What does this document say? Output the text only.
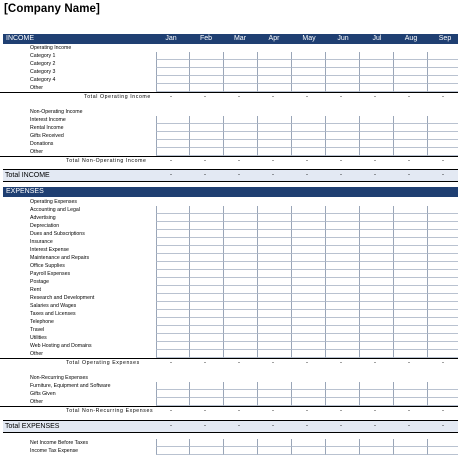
[Company Name]
INCOME	Jan	Feb	Mar	Apr	May	Jun	Jul	Aug	Sep
Operating Income
Category 1
Category 2
Category 3
Category 4
Other
Total Operating Income	-	-	-	-	-	-	-	-	-
Non-Operating Income
Interest Income
Rental Income
Gifts Received
Donations
Other
Total Non-Operating Income	-	-	-	-	-	-	-	-	-
Total INCOME	-	-	-	-	-	-	-	-	-
EXPENSES
Operating Expenses
Accounting and Legal
Advertising
Depreciation
Dues and Subscriptions
Insurance
Interest Expense
Maintenance and Repairs
Office Supplies
Payroll Expenses
Postage
Rent
Research and Development
Salaries and Wages
Taxes and Licenses
Telephone
Travel
Utilities
Web Hosting and Domains
Other
Total Operating Expenses	-	-	-	-	-	-	-	-	-
Non-Recurring Expenses
Furniture, Equipment and Software
Gifts Given
Other
Total Non-Recurring Expenses	-	-	-	-	-	-	-	-	-
Total EXPENSES	-	-	-	-	-	-	-	-	-
Net Income Before Taxes
Income Tax Expense
